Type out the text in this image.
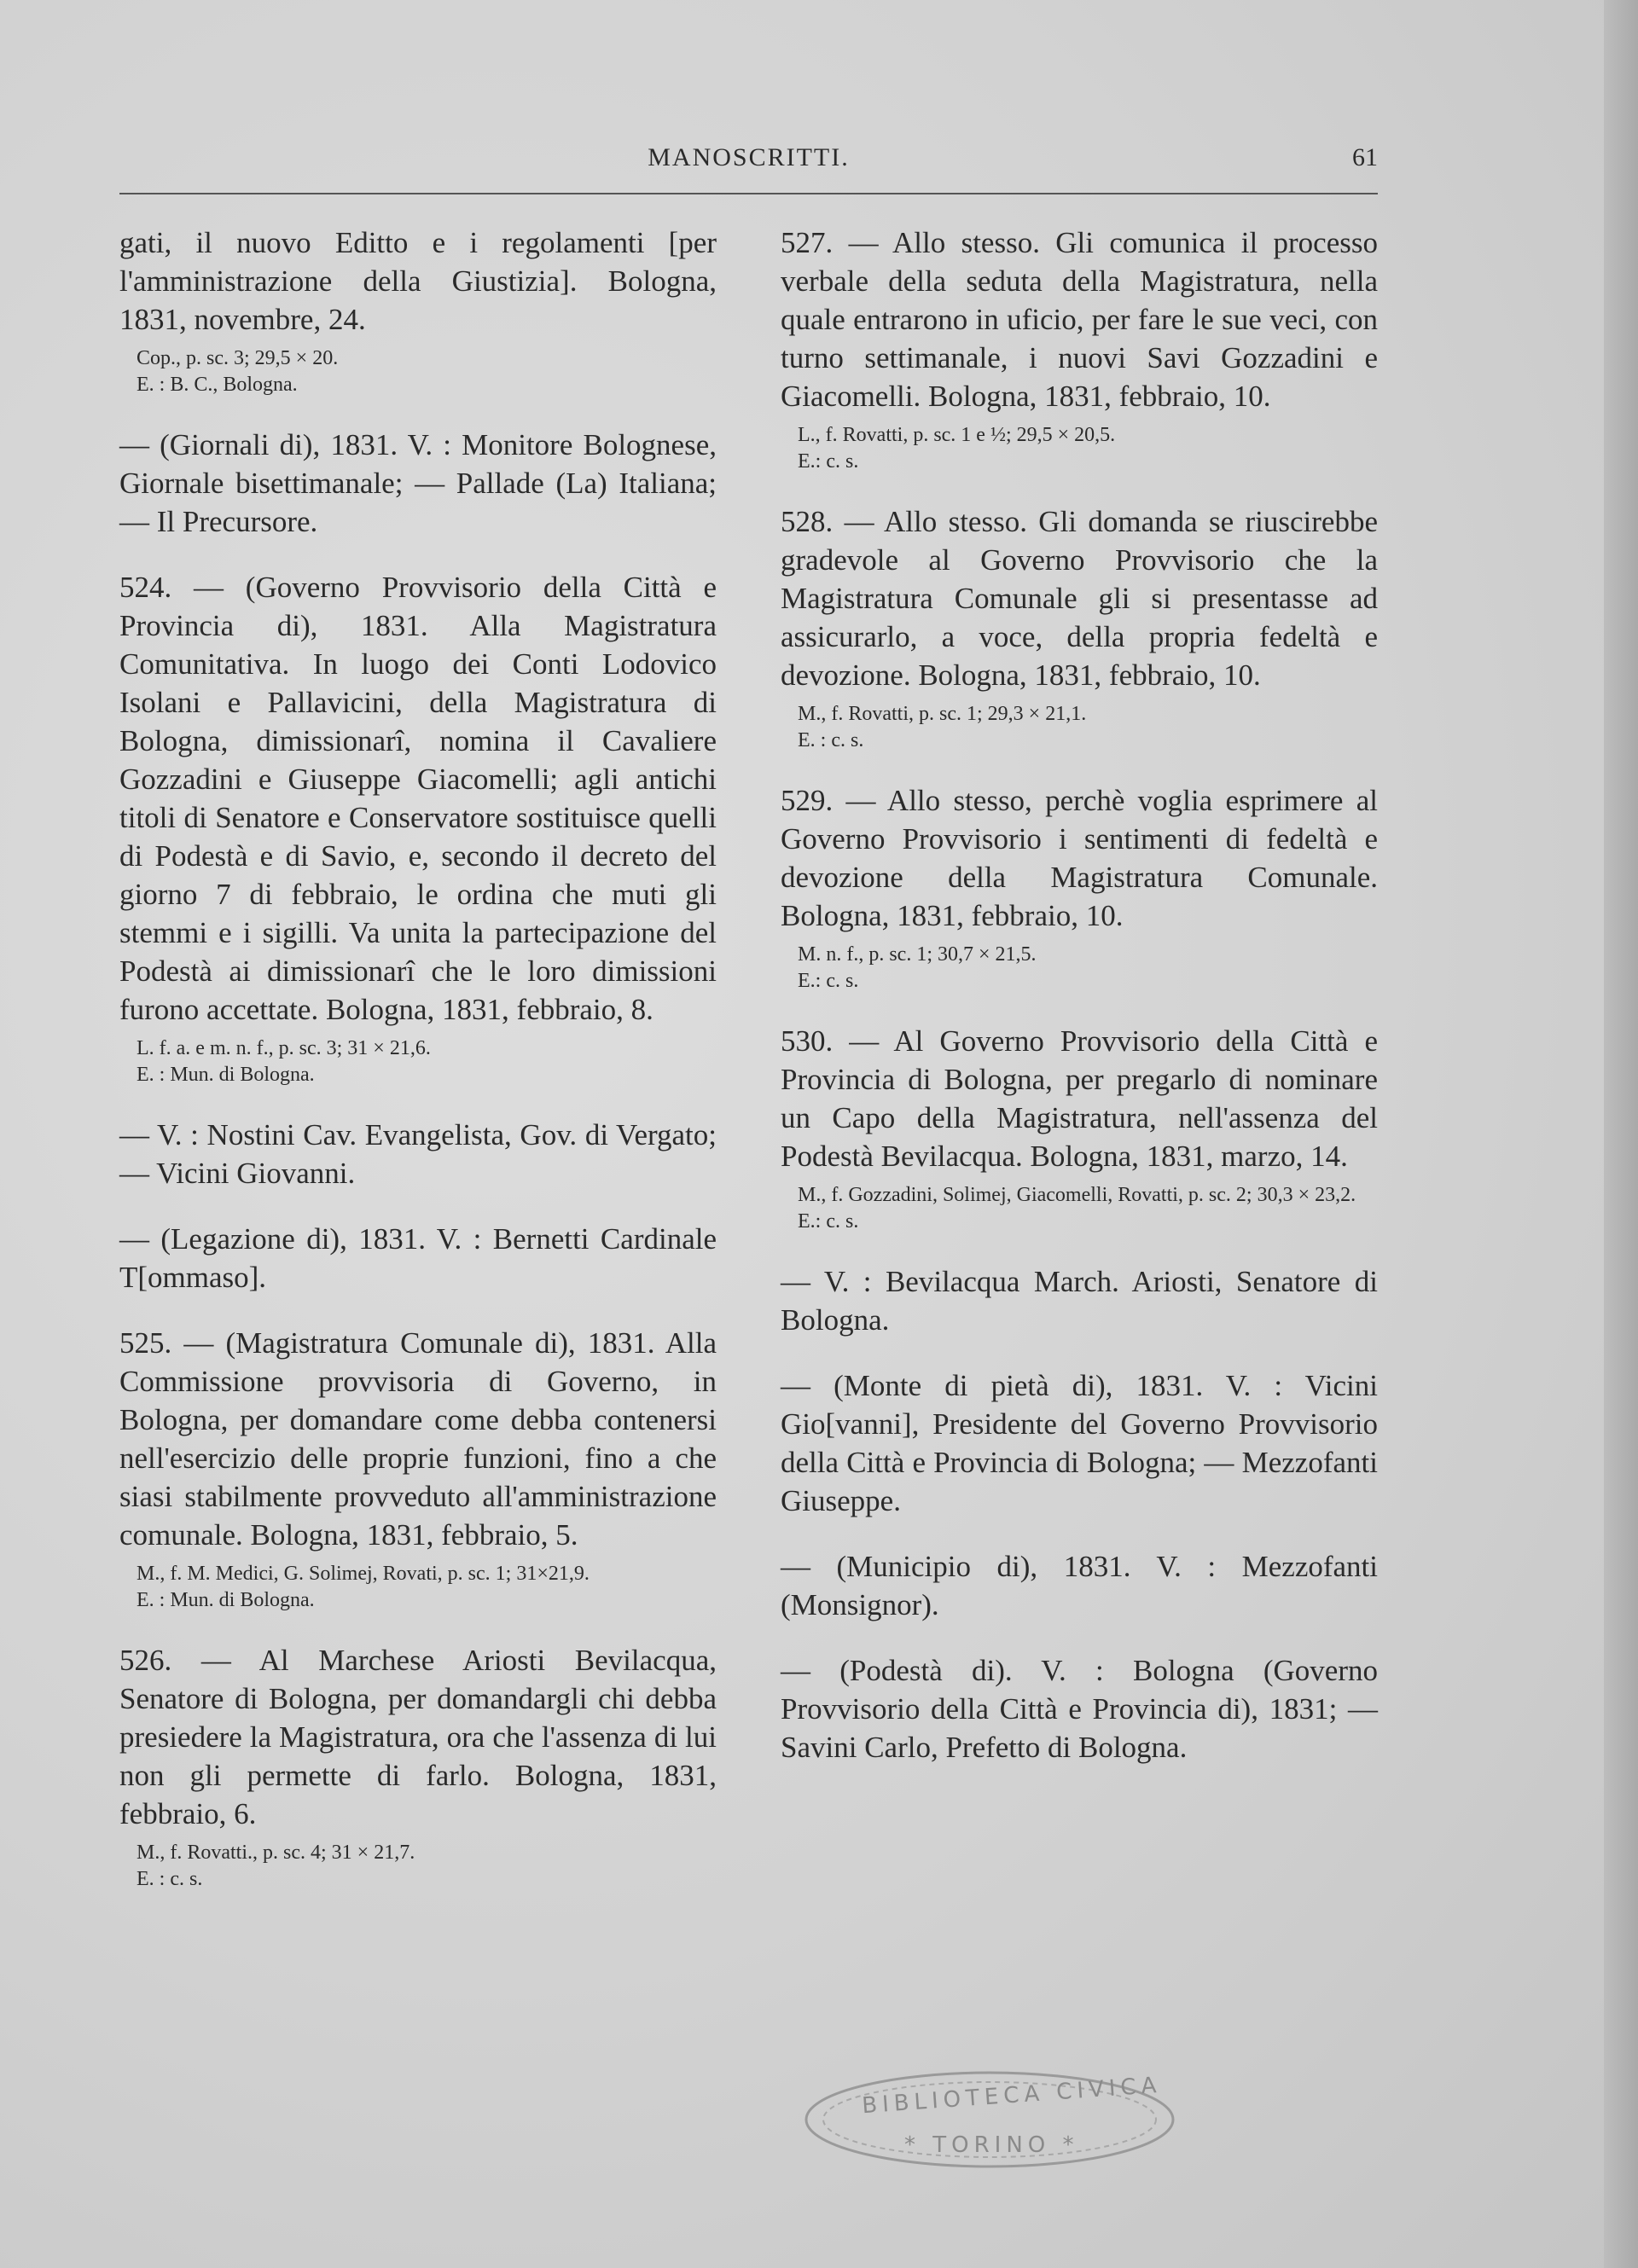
MANOSCRITTI.	61

gati, il nuovo Editto e i regolamenti [per l'amministrazione della Giustizia]. Bologna, 1831, novembre, 24.

Cop., p. sc. 3; 29,5 × 20.
E. : B. C., Bologna.

— (Giornali di), 1831. V. : Monitore Bolognese, Giornale bisettimanale; — Pallade (La) Italiana; — Il Precursore.

524. — (Governo Provvisorio della Città e Provincia di), 1831. Alla Magistratura Comunitativa. In luogo dei Conti Lodovico Isolani e Pallavicini, della Magistratura di Bologna, dimissionarî, nomina il Cavaliere Gozzadini e Giuseppe Giacomelli; agli antichi titoli di Senatore e Conservatore sostituisce quelli di Podestà e di Savio, e, secondo il decreto del giorno 7 di febbraio, le ordina che muti gli stemmi e i sigilli. Va unita la partecipazione del Podestà ai dimissionarî che le loro dimissioni furono accettate. Bologna, 1831, febbraio, 8.

L. f. a. e m. n. f., p. sc. 3; 31 × 21,6.
E. : Mun. di Bologna.

— V. : Nostini Cav. Evangelista, Gov. di Vergato; — Vicini Giovanni.

— (Legazione di), 1831. V. : Bernetti Cardinale T[ommaso].

525. — (Magistratura Comunale di), 1831. Alla Commissione provvisoria di Governo, in Bologna, per domandare come debba contenersi nell'esercizio delle proprie funzioni, fino a che siasi stabilmente provveduto all'amministrazione comunale. Bologna, 1831, febbraio, 5.

M., f. M. Medici, G. Solimej, Rovati, p. sc. 1; 31×21,9.
E. : Mun. di Bologna.

526. — Al Marchese Ariosti Bevilacqua, Senatore di Bologna, per domandargli chi debba presiedere la Magistratura, ora che l'assenza di lui non gli permette di farlo. Bologna, 1831, febbraio, 6.

M., f. Rovatti., p. sc. 4; 31 × 21,7.
E. : c. s.

527. — Allo stesso. Gli comunica il processo verbale della seduta della Magistratura, nella quale entrarono in uficio, per fare le sue veci, con turno settimanale, i nuovi Savi Gozzadini e Giacomelli. Bologna, 1831, febbraio, 10.

L., f. Rovatti, p. sc. 1 e ½; 29,5 × 20,5.
E.: c. s.

528. — Allo stesso. Gli domanda se riuscirebbe gradevole al Governo Provvisorio che la Magistratura Comunale gli si presentasse ad assicurarlo, a voce, della propria fedeltà e devozione. Bologna, 1831, febbraio, 10.

M., f. Rovatti, p. sc. 1; 29,3 × 21,1.
E. : c. s.

529. — Allo stesso, perchè voglia esprimere al Governo Provvisorio i sentimenti di fedeltà e devozione della Magistratura Comunale. Bologna, 1831, febbraio, 10.

M. n. f., p. sc. 1; 30,7 × 21,5.
E.: c. s.

530. — Al Governo Provvisorio della Città e Provincia di Bologna, per pregarlo di nominare un Capo della Magistratura, nell'assenza del Podestà Bevilacqua. Bologna, 1831, marzo, 14.

M., f. Gozzadini, Solimej, Giacomelli, Rovatti, p. sc. 2; 30,3 × 23,2.
E.: c. s.

— V. : Bevilacqua March. Ariosti, Senatore di Bologna.

— (Monte di pietà di), 1831. V. : Vicini Gio[vanni], Presidente del Governo Provvisorio della Città e Provincia di Bologna; — Mezzofanti Giuseppe.

— (Municipio di), 1831. V. : Mezzofanti (Monsignor).

— (Podestà di). V. : Bologna (Governo Provvisorio della Città e Provincia di), 1831; — Savini Carlo, Prefetto di Bologna.

BIBLIOTECA CIVICA
* TORINO *
